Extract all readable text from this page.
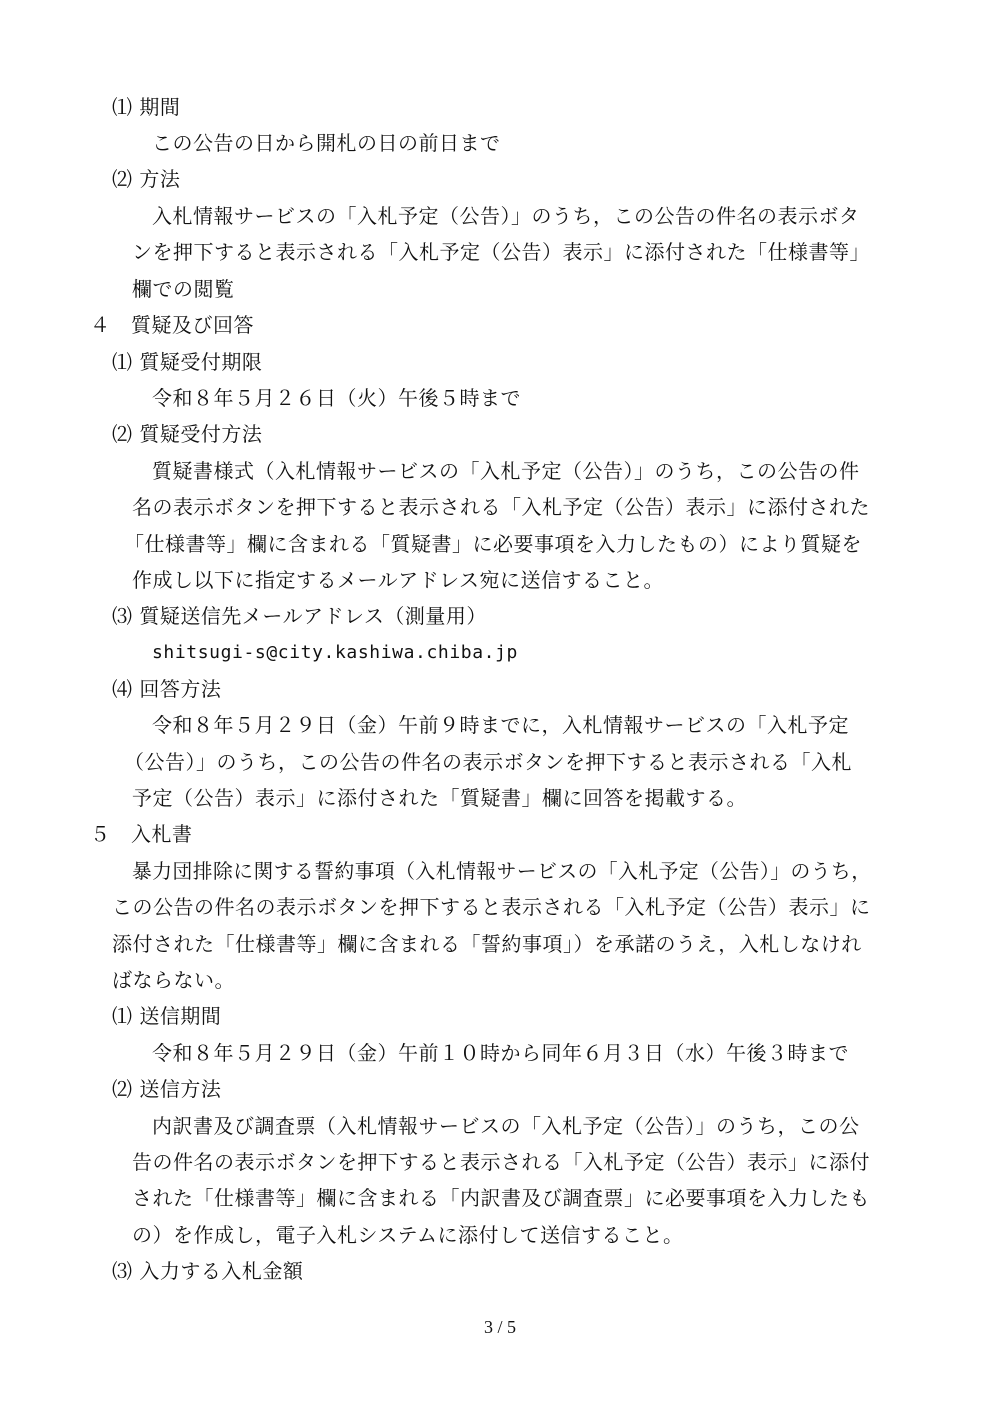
⑴ 期間
この公告の日から開札の日の前日まで
⑵ 方法
入札情報サービスの「入札予定（公告）」のうち，この公告の件名の表示ボタ
ンを押下すると表示される「入札予定（公告）表示」に添付された「仕様書等」
欄での閲覧
４　質疑及び回答
⑴ 質疑受付期限
令和８年５月２６日（火）午後５時まで
⑵ 質疑受付方法
質疑書様式（入札情報サービスの「入札予定（公告）」のうち，この公告の件
名の表示ボタンを押下すると表示される「入札予定（公告）表示」に添付された
「仕様書等」欄に含まれる「質疑書」に必要事項を入力したもの）により質疑を
作成し以下に指定するメールアドレス宛に送信すること。
⑶ 質疑送信先メールアドレス（測量用）
shitsugi-s@city.kashiwa.chiba.jp
⑷ 回答方法
令和８年５月２９日（金）午前９時までに，入札情報サービスの「入札予定
（公告）」のうち，この公告の件名の表示ボタンを押下すると表示される「入札
予定（公告）表示」に添付された「質疑書」欄に回答を掲載する。
５　入札書
暴力団排除に関する誓約事項（入札情報サービスの「入札予定（公告）」のうち，
この公告の件名の表示ボタンを押下すると表示される「入札予定（公告）表示」に
添付された「仕様書等」欄に含まれる「誓約事項」）を承諾のうえ，入札しなけれ
ばならない。
⑴ 送信期間
令和８年５月２９日（金）午前１０時から同年６月３日（水）午後３時まで
⑵ 送信方法
内訳書及び調査票（入札情報サービスの「入札予定（公告）」のうち，この公
告の件名の表示ボタンを押下すると表示される「入札予定（公告）表示」に添付
された「仕様書等」欄に含まれる「内訳書及び調査票」に必要事項を入力したも
の）を作成し，電子入札システムに添付して送信すること。
⑶ 入力する入札金額
3 / 5
